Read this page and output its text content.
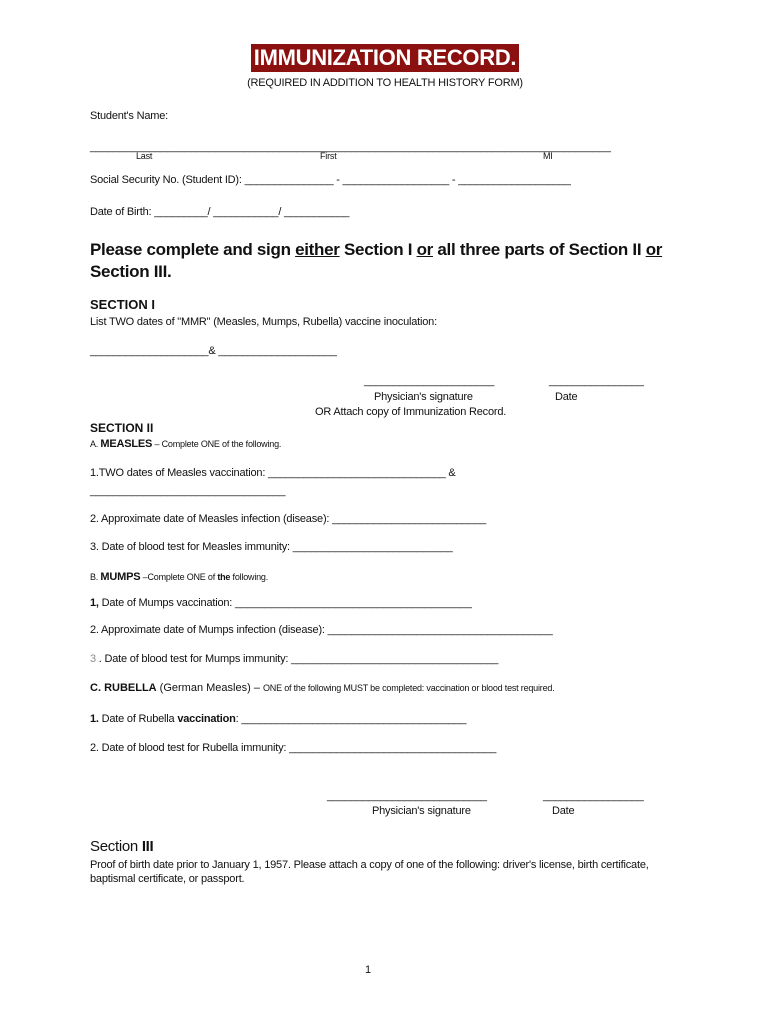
IMMUNIZATION RECORD.
(REQUIRED IN ADDITION TO HEALTH HISTORY FORM)
Student's Name:
________________________________________________________________________________________
Last	First	MI
Social Security No. (Student ID): _______________ - __________________ - ___________________
Date of Birth: _________/ ___________/ ___________
Please complete and sign either Section I or all three parts of Section II or
Section III.
SECTION I
List TWO dates of "MMR" (Measles, Mumps, Rubella) vaccine inoculation:
____________________& ____________________
______________________	________________
Physician's signature	Date
OR Attach copy of Immunization Record.
SECTION II
A. MEASLES – Complete ONE of the following.
1.TWO dates of Measles vaccination: ______________________________ &
_________________________________
2. Approximate date of Measles infection (disease): __________________________
3. Date of blood test for Measles immunity: ___________________________
B. MUMPS –Complete ONE of the following.
1, Date of Mumps vaccination: ________________________________________
2. Approximate date of Mumps infection (disease): ______________________________________
3 . Date of blood test for Mumps immunity: ___________________________________
C. RUBELLA (German Measles) – ONE of the following MUST be completed: vaccination or blood test required.
1. Date of Rubella vaccination: ______________________________________
2. Date of blood test for Rubella immunity: ___________________________________
___________________________	_________________
Physician's signature	Date
Section III
Proof of birth date prior to January 1, 1957. Please attach a copy of one of the following: driver's license, birth certificate,
baptismal certificate, or passport.
1
